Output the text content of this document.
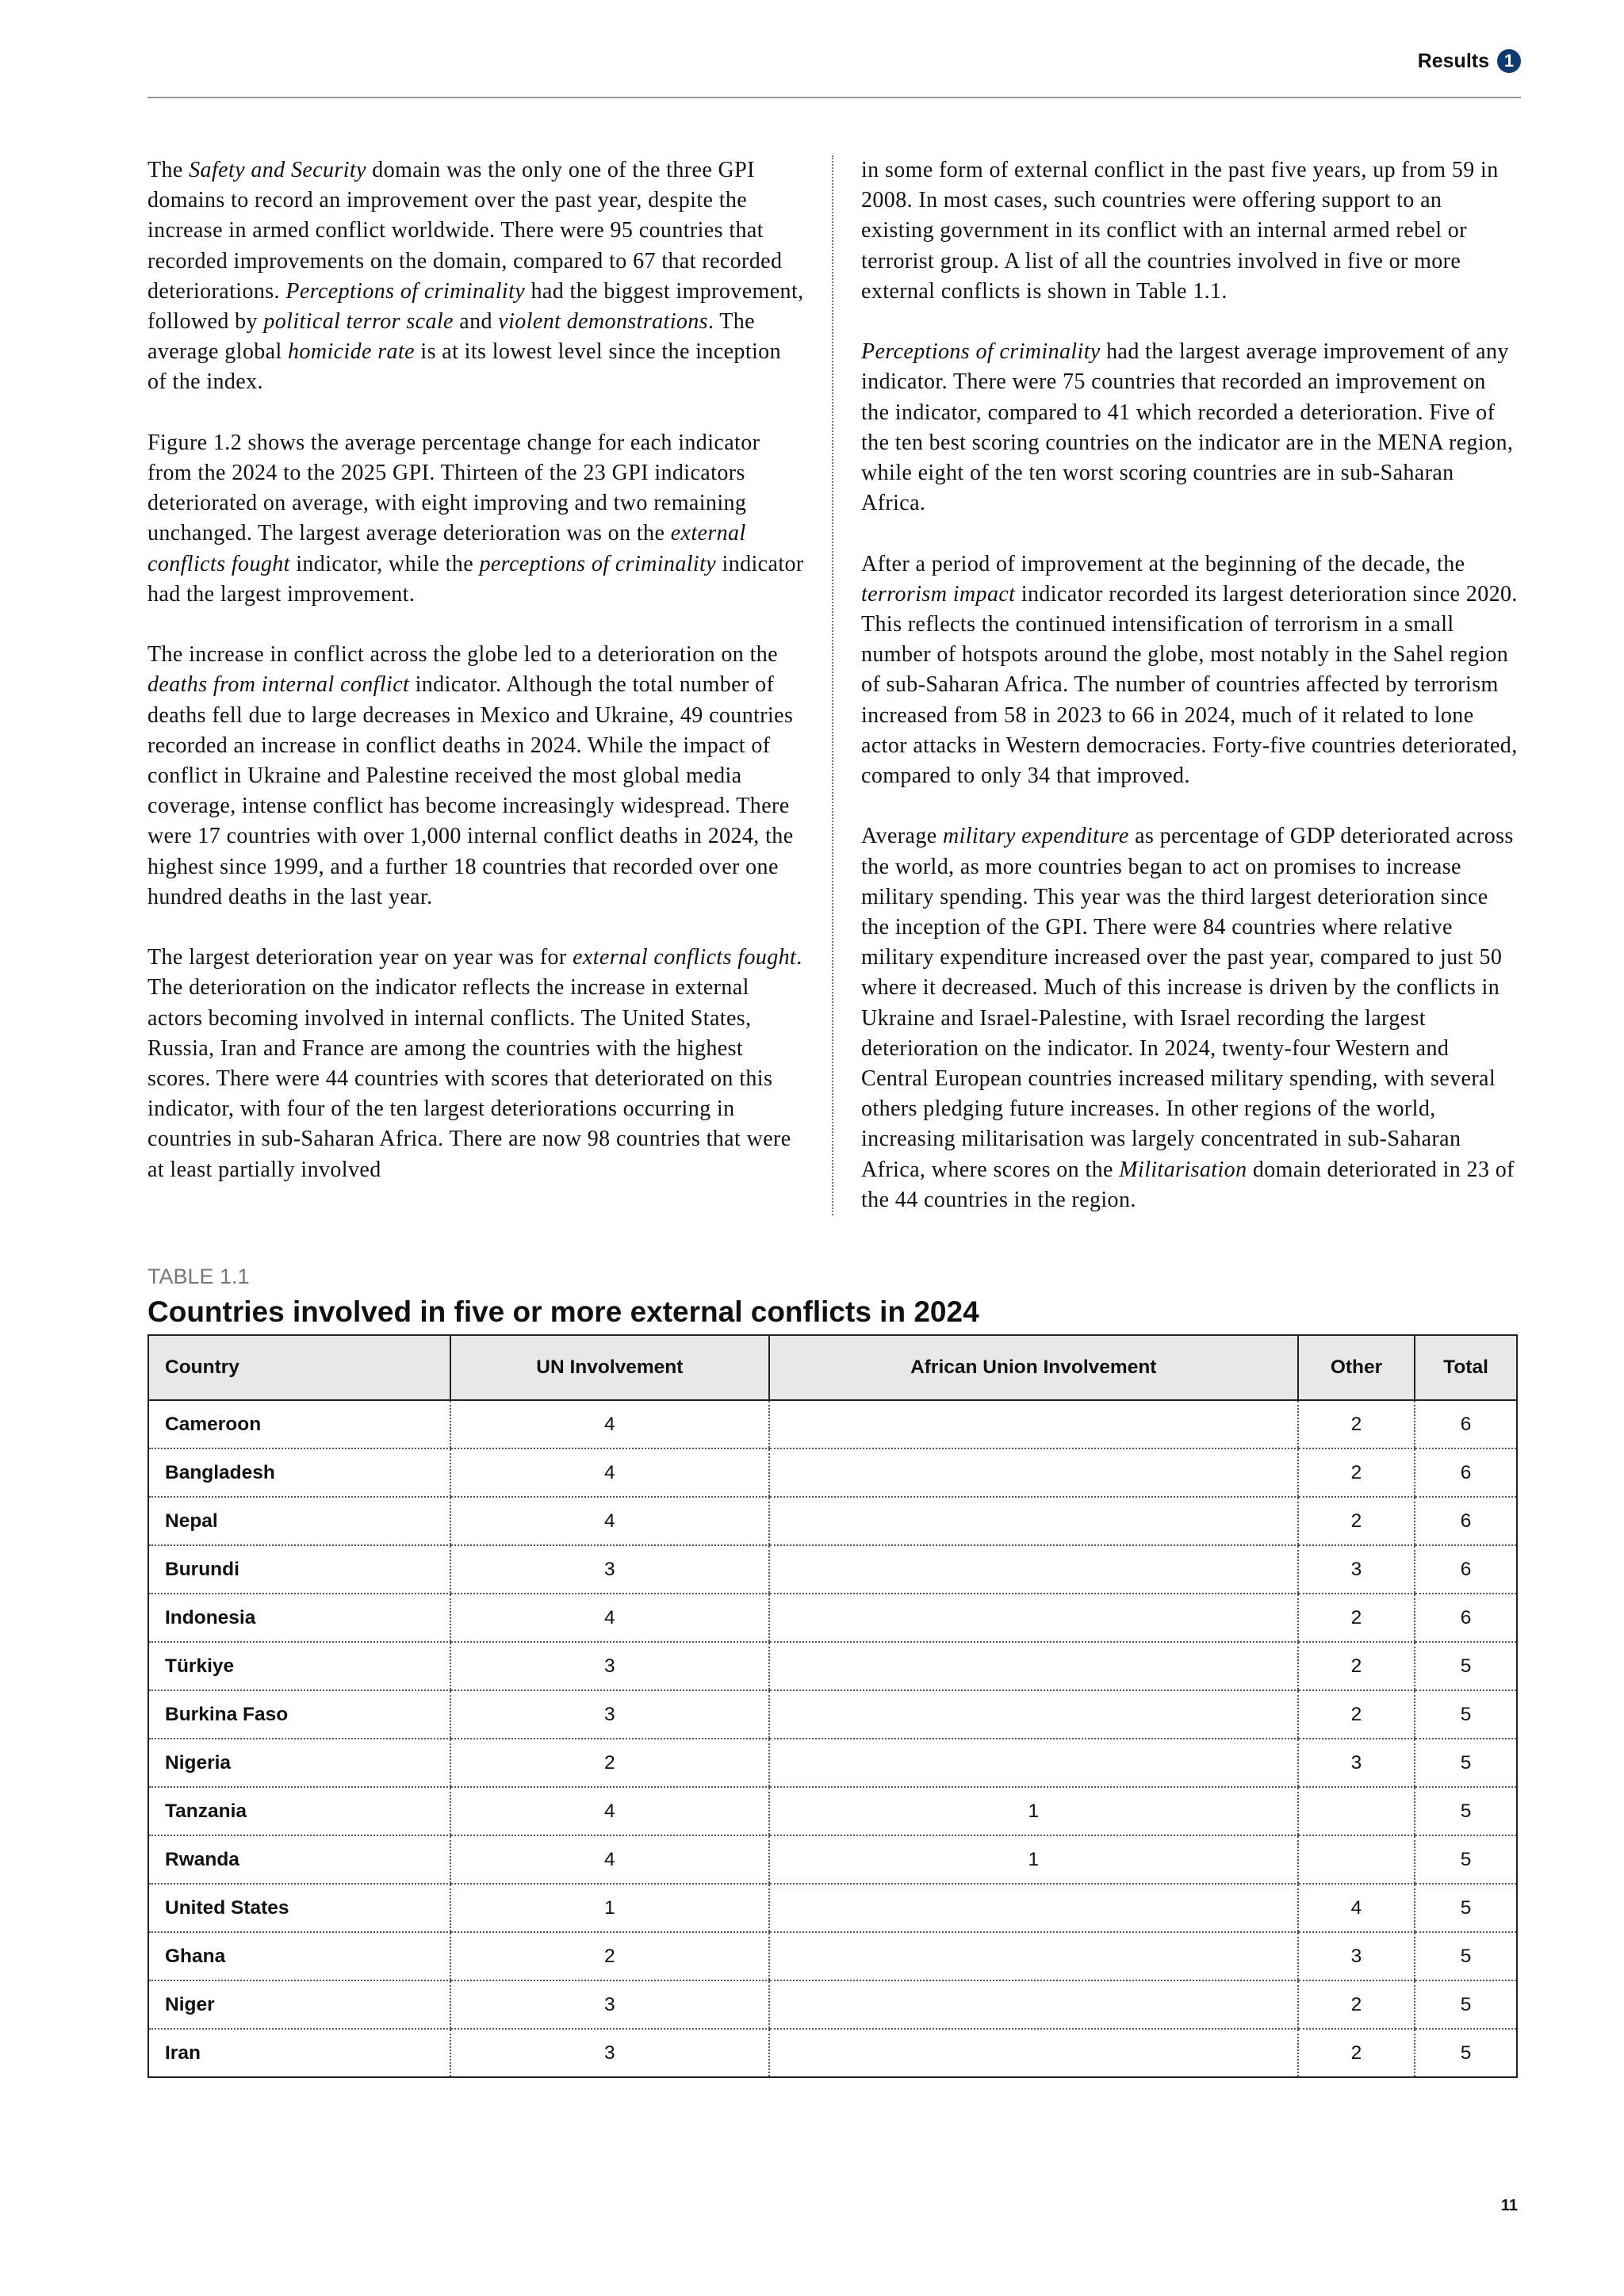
Results 1

The Safety and Security domain was the only one of the three GPI domains to record an improvement over the past year, despite the increase in armed conflict worldwide. There were 95 countries that recorded improvements on the domain, compared to 67 that recorded deteriorations. Perceptions of criminality had the biggest improvement, followed by political terror scale and violent demonstrations. The average global homicide rate is at its lowest level since the inception of the index.

Figure 1.2 shows the average percentage change for each indicator from the 2024 to the 2025 GPI. Thirteen of the 23 GPI indicators deteriorated on average, with eight improving and two remaining unchanged. The largest average deterioration was on the external conflicts fought indicator, while the perceptions of criminality indicator had the largest improvement.

The increase in conflict across the globe led to a deterioration on the deaths from internal conflict indicator. Although the total number of deaths fell due to large decreases in Mexico and Ukraine, 49 countries recorded an increase in conflict deaths in 2024. While the impact of conflict in Ukraine and Palestine received the most global media coverage, intense conflict has become increasingly widespread. There were 17 countries with over 1,000 internal conflict deaths in 2024, the highest since 1999, and a further 18 countries that recorded over one hundred deaths in the last year.

The largest deterioration year on year was for external conflicts fought. The deterioration on the indicator reflects the increase in external actors becoming involved in internal conflicts. The United States, Russia, Iran and France are among the countries with the highest scores. There were 44 countries with scores that deteriorated on this indicator, with four of the ten largest deteriorations occurring in countries in sub-Saharan Africa. There are now 98 countries that were at least partially involved

in some form of external conflict in the past five years, up from 59 in 2008. In most cases, such countries were offering support to an existing government in its conflict with an internal armed rebel or terrorist group. A list of all the countries involved in five or more external conflicts is shown in Table 1.1.

Perceptions of criminality had the largest average improvement of any indicator. There were 75 countries that recorded an improvement on the indicator, compared to 41 which recorded a deterioration. Five of the ten best scoring countries on the indicator are in the MENA region, while eight of the ten worst scoring countries are in sub-Saharan Africa.

After a period of improvement at the beginning of the decade, the terrorism impact indicator recorded its largest deterioration since 2020. This reflects the continued intensification of terrorism in a small number of hotspots around the globe, most notably in the Sahel region of sub-Saharan Africa. The number of countries affected by terrorism increased from 58 in 2023 to 66 in 2024, much of it related to lone actor attacks in Western democracies. Forty-five countries deteriorated, compared to only 34 that improved.

Average military expenditure as percentage of GDP deteriorated across the world, as more countries began to act on promises to increase military spending. This year was the third largest deterioration since the inception of the GPI. There were 84 countries where relative military expenditure increased over the past year, compared to just 50 where it decreased. Much of this increase is driven by the conflicts in Ukraine and Israel-Palestine, with Israel recording the largest deterioration on the indicator. In 2024, twenty-four Western and Central European countries increased military spending, with several others pledging future increases. In other regions of the world, increasing militarisation was largely concentrated in sub-Saharan Africa, where scores on the Militarisation domain deteriorated in 23 of the 44 countries in the region.

TABLE 1.1
Countries involved in five or more external conflicts in 2024
Country	UN Involvement	African Union Involvement	Other	Total
Cameroon	4		2	6
Bangladesh	4		2	6
Nepal	4		2	6
Burundi	3		3	6
Indonesia	4		2	6
Türkiye	3		2	5
Burkina Faso	3		2	5
Nigeria	2		3	5
Tanzania	4	1		5
Rwanda	4	1		5
United States	1		4	5
Ghana	2		3	5
Niger	3		2	5
Iran	3		2	5
11
